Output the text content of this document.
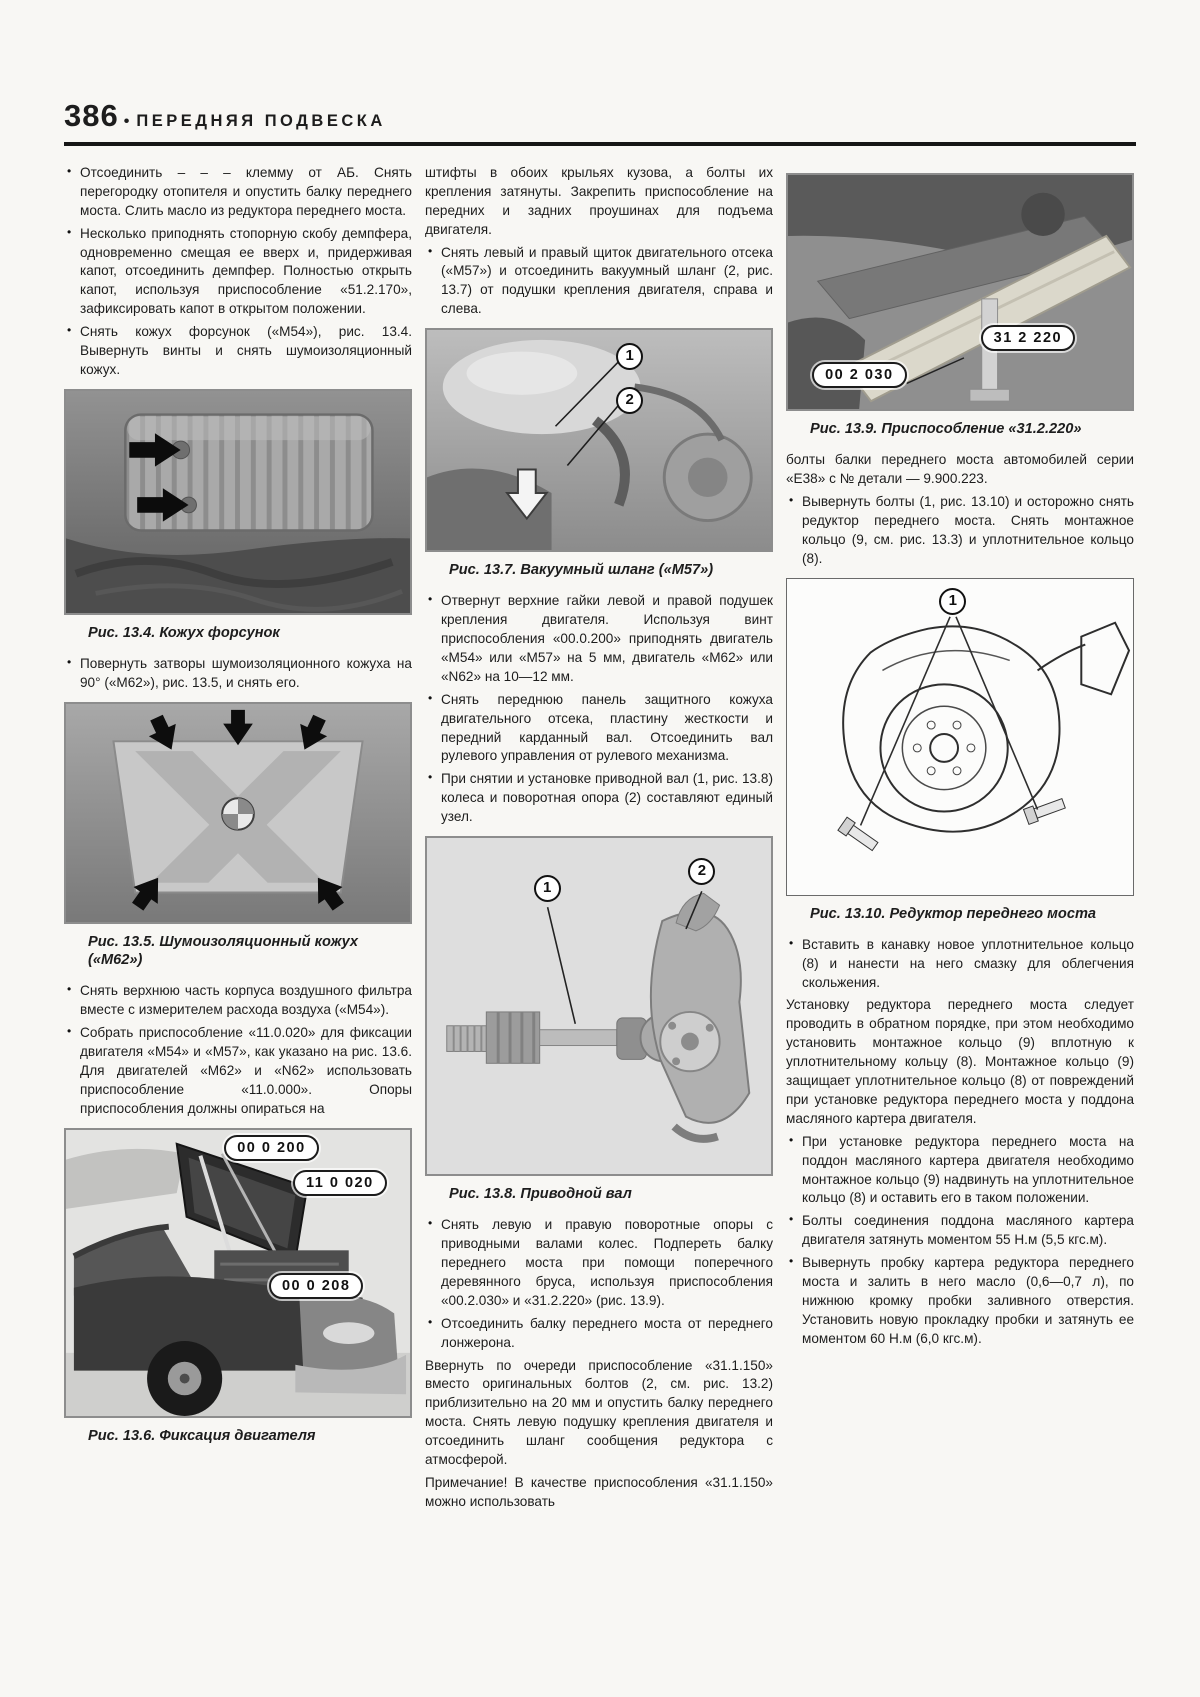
386 • ПЕРЕДНЯЯ ПОДВЕСКА

• Отсоединить – – – клемму от АБ. Снять перегородку отопителя и опустить балку переднего моста. Слить масло из редуктора переднего моста.

• Несколько приподнять стопорную скобу демпфера, одновременно смещая ее вверх и, придерживая капот, отсоединить демпфер. Полностью открыть капот, используя приспособление «51.2.170», зафиксировать капот в открытом положении.

• Снять кожух форсунок («М54»), рис. 13.4. Вывернуть винты и снять шумоизоляционный кожух.

Рис. 13.4. Кожух форсунок

• Повернуть затворы шумоизоляционного кожуха на 90° («М62»), рис. 13.5, и снять его.

Рис. 13.5. Шумоизоляционный кожух («М62»)

• Снять верхнюю часть корпуса воздушного фильтра вместе с измерителем расхода воздуха («М54»).

• Собрать приспособление «11.0.020» для фиксации двигателя «М54» и «М57», как указано на рис. 13.6. Для двигателей «М62» и «N62» использовать приспособление «11.0.000». Опоры приспособления должны опираться на

00 0 200
11 0 020
00 0 208
Рис. 13.6. Фиксация двигателя

штифты в обоих крыльях кузова, а болты их крепления затянуты. Закрепить приспособление на передних и задних проушинах для подъема двигателя.

• Снять левый и правый щиток двигательного отсека («М57») и отсоединить вакуумный шланг (2, рис. 13.7) от подушки крепления двигателя, справа и слева.

1
2
Рис. 13.7. Вакуумный шланг («М57»)

• Отвернут верхние гайки левой и правой подушек крепления двигателя. Используя винт приспособления «00.0.200» приподнять двигатель «М54» или «М57» на 5 мм, двигатель «М62» или «N62» на 10—12 мм.

• Снять переднюю панель защитного кожуха двигательного отсека, пластину жесткости и передний карданный вал. Отсоединить вал рулевого управления от рулевого механизма.

• При снятии и установке приводной вал (1, рис. 13.8) колеса и поворотная опора (2) составляют единый узел.

1
2
Рис. 13.8. Приводной вал

• Снять левую и правую поворотные опоры с приводными валами колес. Подпереть балку переднего моста при помощи поперечного деревянного бруса, используя приспособления «00.2.030» и «31.2.220» (рис. 13.9).

• Отсоединить балку переднего моста от переднего лонжерона.

Ввернуть по очереди приспособление «31.1.150» вместо оригинальных болтов (2, см. рис. 13.2) приблизительно на 20 мм и опустить балку переднего моста. Снять левую подушку крепления двигателя и отсоединить шланг сообщения редуктора с атмосферой.

Примечание! В качестве приспособления «31.1.150» можно использовать

31 2 220
00 2 030
Рис. 13.9. Приспособление «31.2.220»

болты балки переднего моста автомобилей серии «Е38» с № детали — 9.900.223.

• Вывернуть болты (1, рис. 13.10) и осторожно снять редуктор переднего моста. Снять монтажное кольцо (9, см. рис. 13.3) и уплотнительное кольцо (8).

1
Рис. 13.10. Редуктор переднего моста

• Вставить в канавку новое уплотнительное кольцо (8) и нанести на него смазку для облегчения скольжения.

Установку редуктора переднего моста следует проводить в обратном порядке, при этом необходимо установить монтажное кольцо (9) вплотную к уплотнительному кольцу (8). Монтажное кольцо (9) защищает уплотнительное кольцо (8) от повреждений при установке редуктора переднего моста у поддона масляного картера двигателя.

• При установке редуктора переднего моста на поддон масляного картера двигателя необходимо монтажное кольцо (9) надвинуть на уплотнительное кольцо (8) и оставить его в таком положении.

• Болты соединения поддона масляного картера двигателя затянуть моментом 55 Н.м (5,5 кгс.м).

• Вывернуть пробку картера редуктора переднего моста и залить в него масло (0,6—0,7 л), по нижнюю кромку пробки заливного отверстия. Установить новую прокладку пробки и затянуть ее моментом 60 Н.м (6,0 кгс.м).
